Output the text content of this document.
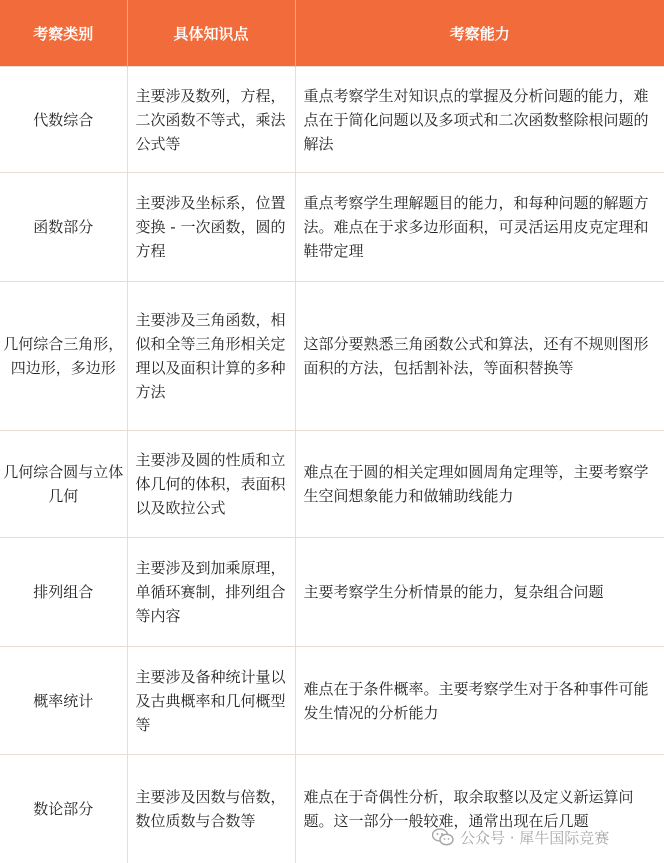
考察类别	具体知识点	考察能力
代数综合	主要涉及数列，方程，二次函数不等式，乘法公式等	重点考察学生对知识点的掌握及分析问题的能力，难点在于简化问题以及多项式和二次函数整除根问题的解法
函数部分	主要涉及坐标系，位置变换 - 一次函数，圆的方程	重点考察学生理解题目的能力，和每种问题的解题方法。难点在于求多边形面积，可灵活运用皮克定理和鞋带定理
几何综合三角形，四边形，多边形	主要涉及三角函数，相似和全等三角形相关定理以及面积计算的多种方法	这部分要熟悉三角函数公式和算法，还有不规则图形面积的方法，包括割补法，等面积替换等
几何综合圆与立体几何	主要涉及圆的性质和立体几何的体积，表面积以及欧拉公式	难点在于圆的相关定理如圆周角定理等，主要考察学生空间想象能力和做辅助线能力
排列组合	主要涉及到加乘原理，单循环赛制，排列组合等内容	主要考察学生分析情景的能力，复杂组合问题
概率统计	主要涉及备种统计量以及古典概率和几何概型等	难点在于条件概率。主要考察学生对于各种事件可能发生情况的分析能力
数论部分	主要涉及因数与倍数，数位质数与合数等	难点在于奇偶性分析，取余取整以及定义新运算问题。这一部分一般较难，通常出现在后几题
公众号 · 犀牛国际竞赛
